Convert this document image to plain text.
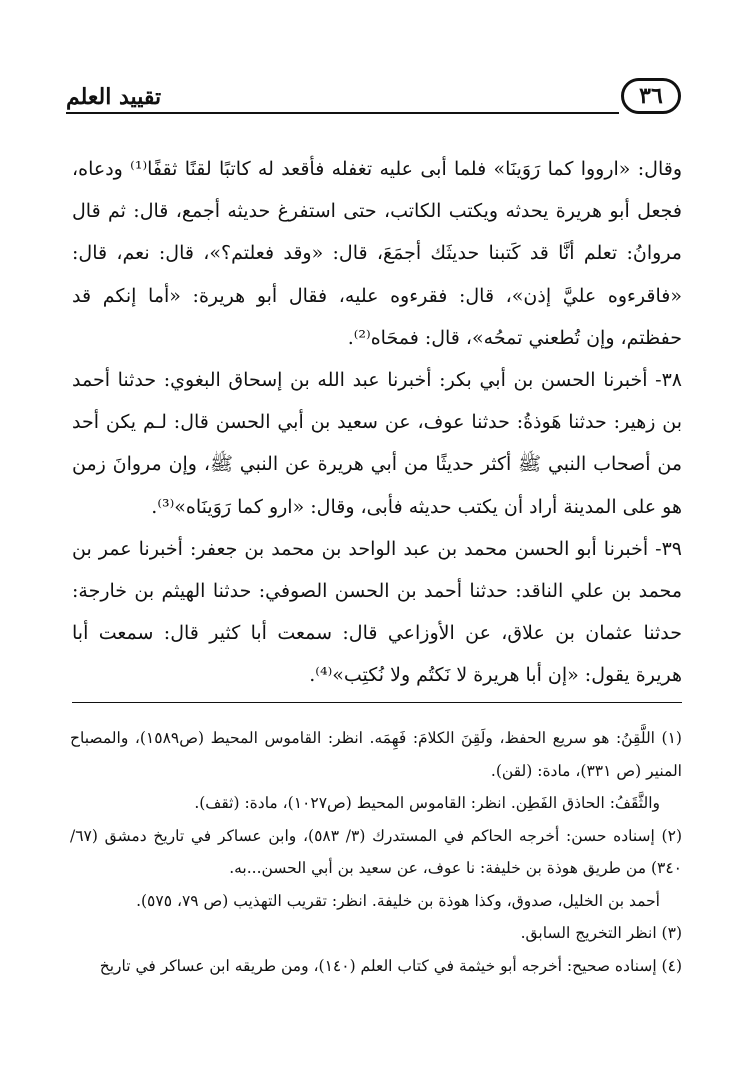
تقييد العلم	٣٦

وقال: «ارووا كما رَوَينَا» فلما أبى عليه تغفله فأقعد له كاتبًا لقنًا ثقفًا⁽¹⁾ ودعاه، فجعل أبو هريرة يحدثه ويكتب الكاتب، حتى استفرغ حديثه أجمع، قال: ثم قال مروانُ: تعلم أنَّا قد كَتبنا حديثَك أجمَعَ، قال: «وقد فعلتم؟»، قال: نعم، قال: «فاقرءوه عليَّ إذن»، قال: فقرءوه عليه، فقال أبو هريرة: «أما إنكم قد حفظتم، وإن تُطعني تمحُه»، قال: فمحَاه⁽²⁾.

٣٨- أخبرنا الحسن بن أبي بكر: أخبرنا عبد الله بن إسحاق البغوي: حدثنا أحمد بن زهير: حدثنا هَوذةُ: حدثنا عوف، عن سعيد بن أبي الحسن قال: لـم يكن أحد من أصحاب النبي ﷺ أكثر حديثًا من أبي هريرة عن النبي ﷺ، وإن مروانَ زمن هو على المدينة أراد أن يكتب حديثه فأبى، وقال: «ارو كما رَوَينَاه»⁽³⁾.

٣٩- أخبرنا أبو الحسن محمد بن عبد الواحد بن محمد بن جعفر: أخبرنا عمر بن محمد بن علي الناقد: حدثنا أحمد بن الحسن الصوفي: حدثنا الهيثم بن خارجة: حدثنا عثمان بن علاق، عن الأوزاعي قال: سمعت أبا كثير قال: سمعت أبا هريرة يقول: «إن أبا هريرة لا نَكتُم ولا نُكتِب»⁽⁴⁾.

(١) اللَّقِنُ: هو سريع الحفظ، ولَقِنَ الكلامَ: فَهِمَه. انظر: القاموس المحيط (ص١٥٨٩)، والمصباح المنير (ص ٣٣١)، مادة: (لقن).

والثَّقَفُ: الحاذق الفَطِن. انظر: القاموس المحيط (ص١٠٢٧)، مادة: (ثقف).

(٢) إسناده حسن: أخرجه الحاكم في المستدرك (٣/ ٥٨٣)، وابن عساكر في تاريخ دمشق (٦٧/ ٣٤٠) من طريق هوذة بن خليفة: نا عوف، عن سعيد بن أبي الحسن...به.

أحمد بن الخليل، صدوق، وكذا هوذة بن خليفة. انظر: تقريب التهذيب (ص ٧٩، ٥٧٥).

(٣) انظر التخريج السابق.

(٤) إسناده صحيح: أخرجه أبو خيثمة في كتاب العلم (١٤٠)، ومن طريقه ابن عساكر في تاريخ
